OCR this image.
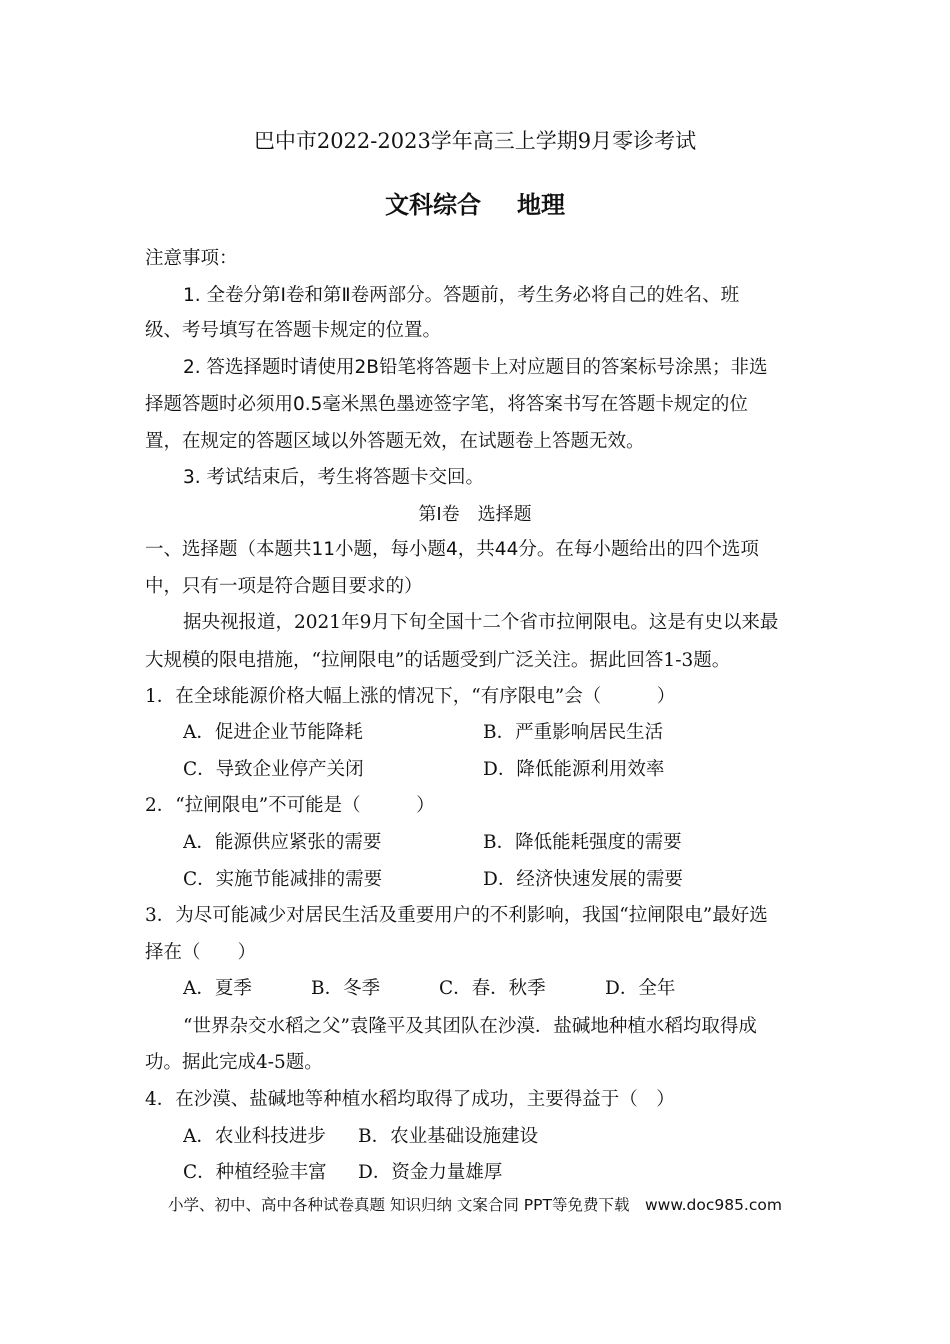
巴中市2022-2023学年高三上学期9月零诊考试
文科综合 地理
注意事项：
1. 全卷分第Ⅰ卷和第Ⅱ卷两部分。答题前，考生务必将自己的姓名、班
级、考号填写在答题卡规定的位置。
2. 答选择题时请使用2B铅笔将答题卡上对应题目的答案标号涂黑；非选
择题答题时必须用0.5毫米黑色墨迹签字笔，将答案书写在答题卡规定的位
置，在规定的答题区域以外答题无效，在试题卷上答题无效。
3. 考试结束后，考生将答题卡交回。
第Ⅰ卷　选择题
一、选择题（本题共11小题，每小题4，共44分。在每小题给出的四个选项
中，只有一项是符合题目要求的）
据央视报道，2021年9月下旬全国十二个省市拉闸限电。这是有史以来最
大规模的限电措施，“拉闸限电”的话题受到广泛关注。据此回答1-3题。
1．在全球能源价格大幅上涨的情况下，“有序限电”会（　　　）
A．促进企业节能降耗	B．严重影响居民生活
C．导致企业停产关闭	D．降低能源利用效率
2．“拉闸限电”不可能是（　　　）
A．能源供应紧张的需要	B．降低能耗强度的需要
C．实施节能减排的需要	D．经济快速发展的需要
3．为尽可能减少对居民生活及重要用户的不利影响，我国“拉闸限电”最好选
择在（　　）
A．夏季	B．冬季	C．春．秋季	D．全年
“世界杂交水稻之父”袁隆平及其团队在沙漠．盐碱地种植水稻均取得成
功。据此完成4-5题。
4．在沙漠、盐碱地等种植水稻均取得了成功，主要得益于（　）
A．农业科技进步	B．农业基础设施建设
C．种植经验丰富	D．资金力量雄厚
小学、初中、高中各种试卷真题 知识归纳 文案合同 PPT等免费下载　www.doc985.com
